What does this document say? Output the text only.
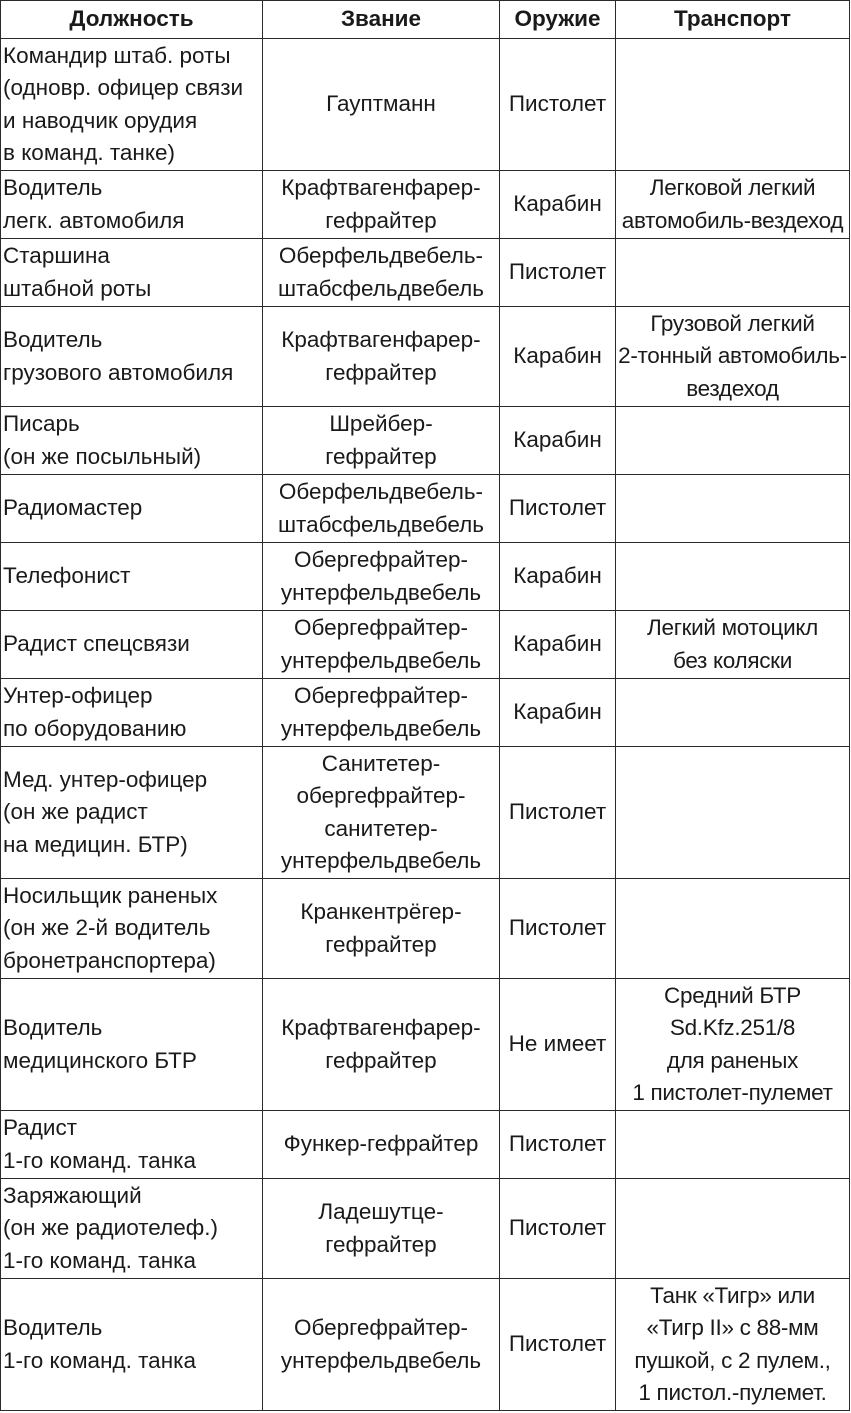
Должность	Звание	Оружие	Транспорт

Командир штаб. роты
(одновр. офицер связи
и наводчик орудия
в команд. танке)	Гауптманн	Пистолет	

Водитель
легк. автомобиля	Крафтвагенфарер-
гефрайтер	Карабин	Легковой легкий
автомобиль-вездеход

Старшина
штабной роты	Оберфельдвебель-
штабсфельдвебель	Пистолет	

Водитель
грузового автомобиля	Крафтвагенфарер-
гефрайтер	Карабин	Грузовой легкий
2-тонный автомобиль-
вездеход

Писарь
(он же посыльный)	Шрейбер-
гефрайтер	Карабин	

Радиомастер	Оберфельдвебель-
штабсфельдвебель	Пистолет	

Телефонист	Обергефрайтер-
унтерфельдвебель	Карабин	

Радист спецсвязи	Обергефрайтер-
унтерфельдвебель	Карабин	Легкий мотоцикл
без коляски

Унтер-офицер
по оборудованию	Обергефрайтер-
унтерфельдвебель	Карабин	

Мед. унтер-офицер
(он же радист
на медицин. БТР)	Санитетер-
обергефрайтер-
санитетер-
унтерфельдвебель	Пистолет	

Носильщик раненых
(он же 2-й водитель
бронетранспортера)	Кранкентрёгер-
гефрайтер	Пистолет	

Водитель
медицинского БТР	Крафтвагенфарер-
гефрайтер	Не имеет	Средний БТР
Sd.Kfz.251/8
для раненых
1 пистолет-пулемет

Радист
1-го команд. танка	Функер-гефрайтер	Пистолет	

Заряжающий
(он же радиотелеф.)
1-го команд. танка	Ладешутце-
гефрайтер	Пистолет	

Водитель
1-го команд. танка	Обергефрайтер-
унтерфельдвебель	Пистолет	Танк «Тигр» или
«Тигр II» с 88-мм
пушкой, с 2 пулем.,
1 пистол.-пулемет.
